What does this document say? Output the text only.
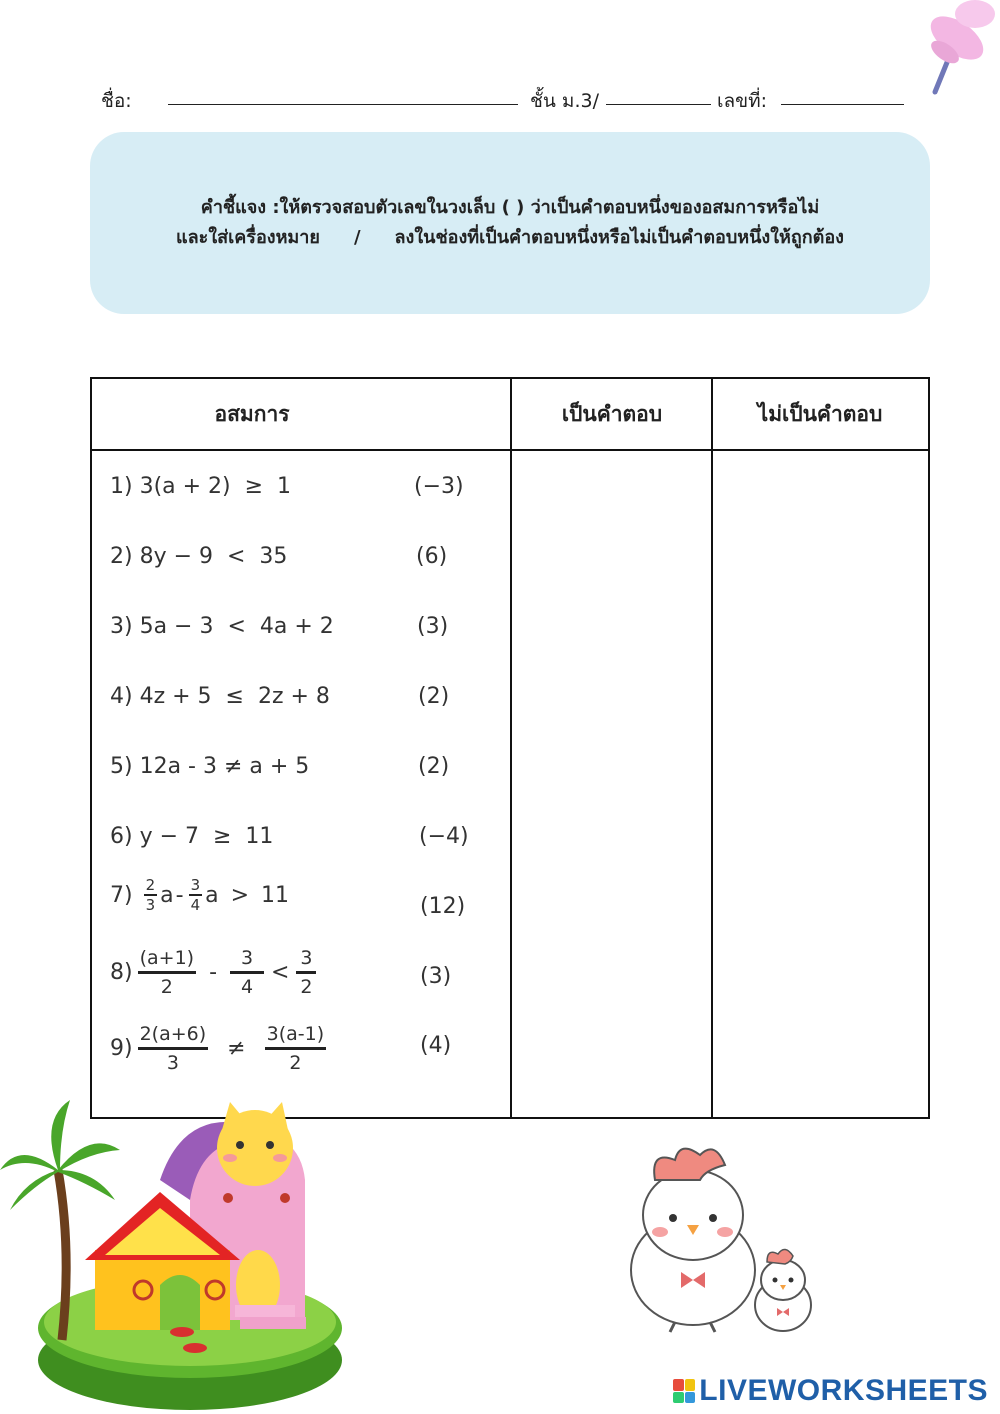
ชื่อ:	ชั้น ม.3/	เลขที่:
คำชี้แจง :ให้ตรวจสอบตัวเลขในวงเล็บ ( ) ว่าเป็นคำตอบหนึ่งของอสมการหรือไม่
และใส่เครื่องหมาย / ลงในช่องที่เป็นคำตอบหนึ่งหรือไม่เป็นคำตอบหนึ่งให้ถูกต้อง
อสมการ	เป็นคำตอบ	ไม่เป็นคำตอบ
1) 3(a + 2)  ≥  1	(−3)
2) 8y − 9  <  35	(6)
3) 5a − 3  <  4a + 2	(3)
4) 4z + 5  ≤  2z + 8	(2)
5) 12a - 3 ≠ a + 5	(2)
6) y − 7  ≥  11	(−4)
$7) \frac{2}{3}$ a - $\frac{3}{4}$ a > 11	(12)
$8) \frac{(a+1)}{2} - \frac{3}{4} < \frac{3}{2}$	(3)
$9) \frac{2(a+6)}{3} \ne \frac{3(a-1)}{2}$	(4)
LIVEWORKSHEETS
